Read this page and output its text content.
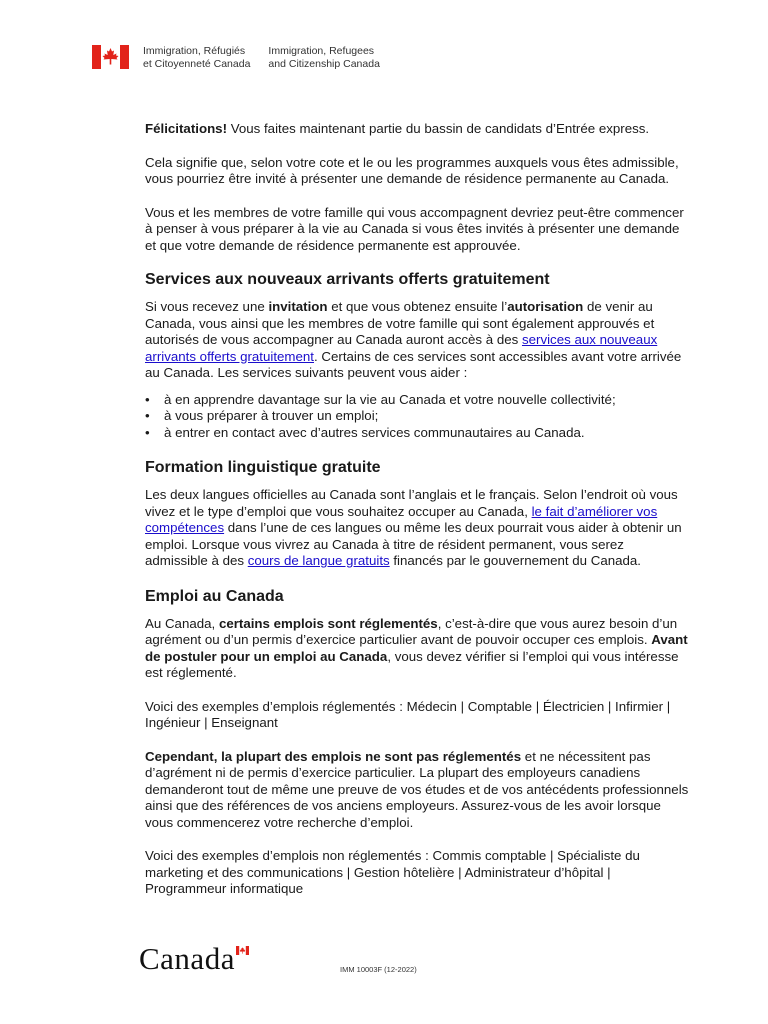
Immigration, Réfugiés
et Citoyenneté Canada
Immigration, Refugees
and Citizenship Canada

Félicitations! Vous faites maintenant partie du bassin de candidats d’Entrée express.

Cela signifie que, selon votre cote et le ou les programmes auxquels vous êtes admissible, vous pourriez être invité à présenter une demande de résidence permanente au Canada.

Vous et les membres de votre famille qui vous accompagnent devriez peut-être commencer à penser à vous préparer à la vie au Canada si vous êtes invités à présenter une demande et que votre demande de résidence permanente est approuvée.

Services aux nouveaux arrivants offerts gratuitement

Si vous recevez une invitation et que vous obtenez ensuite l’autorisation de venir au Canada, vous ainsi que les membres de votre famille qui sont également approuvés et autorisés de vous accompagner au Canada auront accès à des services aux nouveaux arrivants offerts gratuitement. Certains de ces services sont accessibles avant votre arrivée au Canada. Les services suivants peuvent vous aider :

• à en apprendre davantage sur la vie au Canada et votre nouvelle collectivité;
• à vous préparer à trouver un emploi;
• à entrer en contact avec d’autres services communautaires au Canada.
Formation linguistique gratuite

Les deux langues officielles au Canada sont l’anglais et le français. Selon l’endroit où vous vivez et le type d’emploi que vous souhaitez occuper au Canada, le fait d’améliorer vos compétences dans l’une de ces langues ou même les deux pourrait vous aider à obtenir un emploi. Lorsque vous vivrez au Canada à titre de résident permanent, vous serez admissible à des cours de langue gratuits financés par le gouvernement du Canada.

Emploi au Canada

Au Canada, certains emplois sont réglementés, c’est-à-dire que vous aurez besoin d’un agrément ou d’un permis d’exercice particulier avant de pouvoir occuper ces emplois. Avant de postuler pour un emploi au Canada, vous devez vérifier si l’emploi qui vous intéresse est réglementé.

Voici des exemples d’emplois réglementés : Médecin | Comptable | Électricien | Infirmier | Ingénieur | Enseignant

Cependant, la plupart des emplois ne sont pas réglementés et ne nécessitent pas d’agrément ni de permis d’exercice particulier. La plupart des employeurs canadiens demanderont tout de même une preuve de vos études et de vos antécédents professionnels ainsi que des références de vos anciens employeurs. Assurez-vous de les avoir lorsque vous commencerez votre recherche d’emploi.

Voici des exemples d’emplois non réglementés : Commis comptable | Spécialiste du marketing et des communications | Gestion hôtelière | Administrateur d’hôpital | Programmeur informatique

Canada	IMM 10003F (12-2022)
